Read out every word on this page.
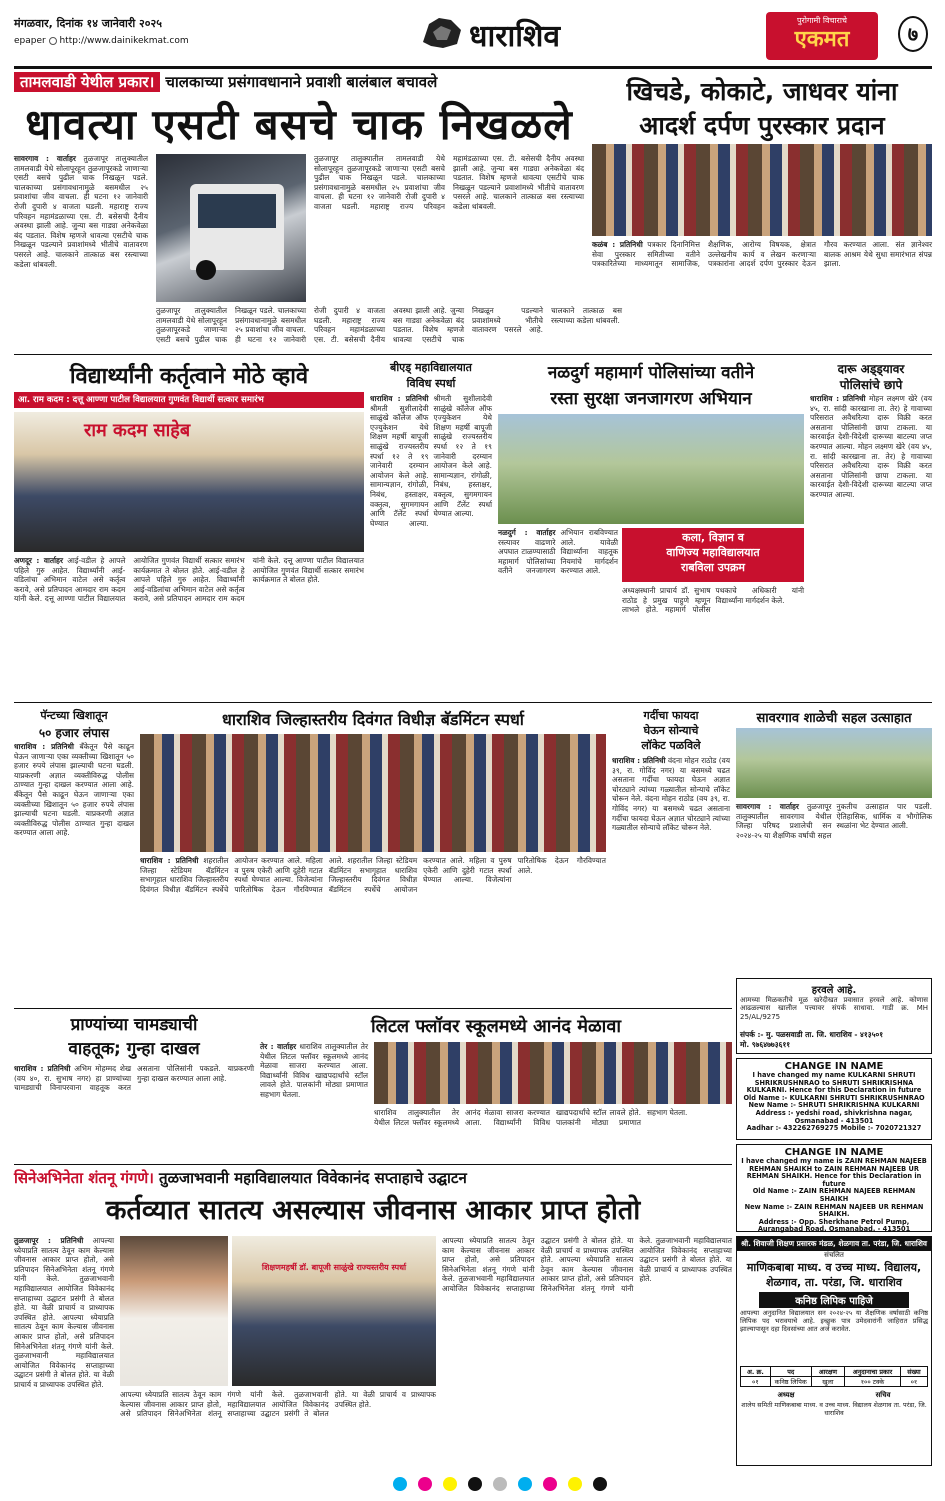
मंगळवार, दिनांक १४ जानेवारी २०२५
epaper http://www.dainikekmat.com	धाराशिव	पुरोगामी विचाराचे
एकमत	७
तामलवाडी येथील प्रकार। चालकाच्या प्रसंगावधानाने प्रवाशी बालंबाल बचावले
धावत्या एसटी बसचे चाक निखळले
सावरगाव : वार्ताहर तुळजापूर तालुक्यातील तामलवाडी येथे सोलापूरहून तुळजापूरकडे जाणाऱ्या एसटी बसचे पुढील चाक निखळून पडले. चालकाच्या प्रसंगावधानामुळे बसमधील २५ प्रवाशांचा जीव वाचला. ही घटना १२ जानेवारी रोजी दुपारी ४ वाजता घडली. महाराष्ट्र राज्य परिवहन महामंडळाच्या एस. टी. बसेसची दैनीय अवस्था झाली आहे. जुन्या बस गाड्या अनेकवेळा बंद पडतात. विशेष म्हणजे धावत्या एसटीचे चाक निखळून पडल्याने प्रवाशांमध्ये भीतीचे वातावरण पसरले आहे. चालकाने तात्काळ बस रस्त्याच्या कडेला थांबवली.
तुळजापूर तालुक्यातील तामलवाडी येथे सोलापूरहून तुळजापूरकडे जाणाऱ्या एसटी बसचे पुढील चाक निखळून पडले. चालकाच्या प्रसंगावधानामुळे बसमधील २५ प्रवाशांचा जीव वाचला. ही घटना १२ जानेवारी रोजी दुपारी ४ वाजता घडली. महाराष्ट्र राज्य परिवहन महामंडळाच्या एस. टी. बसेसची दैनीय अवस्था झाली आहे. जुन्या बस गाड्या अनेकवेळा बंद पडतात. विशेष म्हणजे धावत्या एसटीचे चाक निखळून पडल्याने प्रवाशांमध्ये भीतीचे वातावरण पसरले आहे. चालकाने तात्काळ बस रस्त्याच्या कडेला थांबवली.
तुळजापूर तालुक्यातील तामलवाडी येथे सोलापूरहून तुळजापूरकडे जाणाऱ्या एसटी बसचे पुढील चाक निखळून पडले. चालकाच्या प्रसंगावधानामुळे बसमधील २५ प्रवाशांचा जीव वाचला. ही घटना १२ जानेवारी रोजी दुपारी ४ वाजता घडली. महाराष्ट्र राज्य परिवहन महामंडळाच्या एस. टी. बसेसची दैनीय अवस्था झाली आहे. जुन्या बस गाड्या अनेकवेळा बंद पडतात. विशेष म्हणजे धावत्या एसटीचे चाक निखळून पडल्याने प्रवाशांमध्ये भीतीचे वातावरण पसरले आहे. चालकाने तात्काळ बस रस्त्याच्या कडेला थांबवली.
खिचडे, कोकाटे, जाधवर यांना
आदर्श दर्पण पुरस्कार प्रदान
कळंब : प्रतिनिधी पत्रकार दिनानिमित्त सेवा पुरस्कार समितीच्या वतीने पत्रकारितेच्या माध्यमातून सामाजिक, शैक्षणिक, आरोग्य विषयक, क्षेत्रात उल्लेखनीय कार्य व लेखन करणाऱ्या पत्रकारांना आदर्श दर्पण पुरस्कार देऊन गौरव करण्यात आला. संत ज्ञानेश्वर बालक आश्रम येथे सुधा समारंभात संपन्न झाला.
विद्यार्थ्यांनी कर्तृत्वाने मोठे व्हावे
आ. राम कदम : दत्तू आण्णा पाटील विद्यालयात गुणवंत विद्यार्थी सत्कार समारंभ
राम कदम साहेब
अणदूर : वार्ताहर आई-वडील हे आपले पहिले गुरु आहेत. विद्यार्थ्यांनी आई-वडिलांचा अभिमान वाटेल असे कर्तृत्व करावे, असे प्रतिपादन आमदार राम कदम यांनी केले. दत्तू आण्णा पाटील विद्यालयात आयोजित गुणवंत विद्यार्थी सत्कार समारंभ कार्यक्रमात ते बोलत होते. आई-वडील हे आपले पहिले गुरु आहेत. विद्यार्थ्यांनी आई-वडिलांचा अभिमान वाटेल असे कर्तृत्व करावे, असे प्रतिपादन आमदार राम कदम यांनी केले. दत्तू आण्णा पाटील विद्यालयात आयोजित गुणवंत विद्यार्थी सत्कार समारंभ कार्यक्रमात ते बोलत होते.
बीएड् महाविद्यालयात
विविध स्पर्धा
धाराशिव : प्रतिनिधी श्रीमती सुशीलादेवी साळुंखे कॉलेज ऑफ एज्युकेशन येथे शिक्षण महर्षी बापूजी साळुंखे राज्यस्तरीय स्पर्धा १२ ते १९ जानेवारी दरम्यान आयोजन केले आहे. सामान्यज्ञान, रांगोळी, निबंध, हस्ताक्षर, वक्तृत्व, सुगमगायन आणि टॅलेंट स्पर्धा घेण्यात आल्या. श्रीमती सुशीलादेवी साळुंखे कॉलेज ऑफ एज्युकेशन येथे शिक्षण महर्षी बापूजी साळुंखे राज्यस्तरीय स्पर्धा १२ ते १९ जानेवारी दरम्यान आयोजन केले आहे. सामान्यज्ञान, रांगोळी, निबंध, हस्ताक्षर, वक्तृत्व, सुगमगायन आणि टॅलेंट स्पर्धा घेण्यात आल्या.
नळदुर्ग महामार्ग पोलिसांच्या वतीने
रस्ता सुरक्षा जनजागरण अभियान
नळदुर्ग : वार्ताहर रस्त्यावर वाढणारे अपघात टाळण्यासाठी महामार्ग पोलिसांच्या वतीने जनजागरण अभियान राबविण्यात आले. यावेळी विद्यार्थ्यांना वाहतूक नियमांचे मार्गदर्शन करण्यात आले.
कला, विज्ञान व
वाणिज्य महाविद्यालयात
राबविला उपक्रम
अध्यक्षस्थानी प्राचार्य डॉ. सुभाष राठोड हे प्रमुख पाहुणे म्हणून लाभले होते. महामार्ग पोलीस पथकाचे अधिकारी यांनी विद्यार्थ्यांना मार्गदर्शन केले.
दारू अड्ड्यावर
पोलिसांचे छापे
धाराशिव : प्रतिनिधी मोहन लक्ष्मण खेरे (वय ४५, रा. सांदी कारखाना ता. तेर) हे गावाच्या परिसरात अवैधरित्या दारू विक्री करत असताना पोलिसांनी छापा टाकला. या कारवाईत देशी-विदेशी दारूच्या बाटल्या जप्त करण्यात आल्या. मोहन लक्ष्मण खेरे (वय ४५, रा. सांदी कारखाना ता. तेर) हे गावाच्या परिसरात अवैधरित्या दारू विक्री करत असताना पोलिसांनी छापा टाकला. या कारवाईत देशी-विदेशी दारूच्या बाटल्या जप्त करण्यात आल्या.
पॅन्टच्या खिशातून
५० हजार लंपास
धाराशिव : प्रतिनिधी बँकेतून पैसे काढून घेऊन जाणाऱ्या एका व्यक्तीच्या खिशातून ५० हजार रुपये लंपास झाल्याची घटना घडली. याप्रकरणी अज्ञात व्यक्तीविरुद्ध पोलीस ठाण्यात गुन्हा दाखल करण्यात आला आहे. बँकेतून पैसे काढून घेऊन जाणाऱ्या एका व्यक्तीच्या खिशातून ५० हजार रुपये लंपास झाल्याची घटना घडली. याप्रकरणी अज्ञात व्यक्तीविरुद्ध पोलीस ठाण्यात गुन्हा दाखल करण्यात आला आहे.
धाराशिव जिल्हास्तरीय दिवंगत विधीज्ञ बॅडमिंटन स्पर्धा
धाराशिव : प्रतिनिधी शहरातील जिल्हा स्टेडियम बॅडमिंटन सभागृहात धाराशिव जिल्हास्तरीय दिवंगत विधीज्ञ बॅडमिंटन स्पर्धेचे आयोजन करण्यात आले. महिला व पुरुष एकेरी आणि दुहेरी गटात स्पर्धा घेण्यात आल्या. विजेत्यांना पारितोषिक देऊन गौरविण्यात आले. शहरातील जिल्हा स्टेडियम बॅडमिंटन सभागृहात धाराशिव जिल्हास्तरीय दिवंगत विधीज्ञ बॅडमिंटन स्पर्धेचे आयोजन करण्यात आले. महिला व पुरुष एकेरी आणि दुहेरी गटात स्पर्धा घेण्यात आल्या. विजेत्यांना पारितोषिक देऊन गौरविण्यात आले.
गर्दीचा फायदा
घेऊन सोन्याचे
लॉकेट पळविले
धाराशिव : प्रतिनिधी वंदना मोहन राठोड (वय ३९, रा. गोविंद नगर) या बसमध्ये चढत असताना गर्दीचा फायदा घेऊन अज्ञात चोरट्याने त्यांच्या गळ्यातील सोन्याचे लॉकेट चोरून नेले. वंदना मोहन राठोड (वय ३९, रा. गोविंद नगर) या बसमध्ये चढत असताना गर्दीचा फायदा घेऊन अज्ञात चोरट्याने त्यांच्या गळ्यातील सोन्याचे लॉकेट चोरून नेले.
सावरगाव शाळेची सहल उत्साहात
सावरगाव : वार्ताहर तुळजापूर तालुक्यातील सावरगाव येथील जिल्हा परिषद प्रशालेची सन २०२४-२५ या शैक्षणिक वर्षाची सहल नुकतीच उत्साहात पार पडली. ऐतिहासिक, धार्मिक व भौगोलिक स्थळांना भेट देण्यात आली.
हरवले आहे.
आमच्या मिळकतीचे मूळ खरेदीखत प्रवासात हरवले आहे. कोणास आढळल्यास खालील पत्त्यावर संपर्क साधावा. गाडी क्र. MH 25/AL/9275
संपर्क :- मु. पळसवाडी ता. जि. धाराशिव - ४१३५०१
मो. ९७६४७७३६११
प्राण्यांच्या चामड्याची
वाहतूक; गुन्हा दाखल
धाराशिव : प्रतिनिधी अभिम मोहम्मद शेख (वय ४०, रा. सुभाष नगर) हा प्राण्यांच्या चामड्याची विनापरवाना वाहतूक करत असताना पोलिसांनी पकडले. याप्रकरणी गुन्हा दाखल करण्यात आला आहे.
लिटल फ्लॉवर स्कूलमध्ये आनंद मेळावा
तेर : वार्ताहर धाराशिव तालुक्यातील तेर येथील लिटल फ्लॉवर स्कूलमध्ये आनंद मेळावा साजरा करण्यात आला. विद्यार्थ्यांनी विविध खाद्यपदार्थांचे स्टॉल लावले होते. पालकांनी मोठ्या प्रमाणात सहभाग घेतला.
धाराशिव तालुक्यातील तेर येथील लिटल फ्लॉवर स्कूलमध्ये आनंद मेळावा साजरा करण्यात आला. विद्यार्थ्यांनी विविध खाद्यपदार्थांचे स्टॉल लावले होते. पालकांनी मोठ्या प्रमाणात सहभाग घेतला.
CHANGE IN NAME
I have changed my name KULKARNI SHRUTI SHRIKRUSHNRAO to SHRUTI SHRIKRISHNA KULKARNI. Hence for this Declaration in future
Old Name :- KULKARNI SHRUTI SHRIKRUSHNRAO
New Name :- SHRUTI SHRIKRISHNA KULKARNI
Address :- yedshi road, shivkrishna nagar, Osmanabad - 413501
Aadhar :- 432262769275 Mobile :- 7020721327
CHANGE IN NAME
I have changed my name is ZAIN REHMAN NAJEEB REHMAN SHAIKH to ZAIN REHMAN NAJEEB UR REHMAN SHAIKH. Hence for this Declaration in future
Old Name :- ZAIN REHMAN NAJEEB REHMAN SHAIKH
New Name :- ZAIN REHMAN NAJEEB UR REHMAN SHAIKH.
Address :- Opp. Sherkhane Petrol Pump, Aurangabad Road, Osmanabad. - 413501
सिनेअभिनेता शंतनू गंगणे। तुळजाभवानी महाविद्यालयात विवेकानंद सप्ताहाचे उद्घाटन
कर्तव्यात सातत्य असल्यास जीवनास आकार प्राप्त होतो
तुळजापूर : प्रतिनिधी आपल्या ध्येयाप्रति सातत्य ठेवून काम केल्यास जीवनास आकार प्राप्त होतो, असे प्रतिपादन सिनेअभिनेता शंतनू गंगणे यांनी केले. तुळजाभवानी महाविद्यालयात आयोजित विवेकानंद सप्ताहाच्या उद्घाटन प्रसंगी ते बोलत होते. या वेळी प्राचार्य व प्राध्यापक उपस्थित होते. आपल्या ध्येयाप्रति सातत्य ठेवून काम केल्यास जीवनास आकार प्राप्त होतो, असे प्रतिपादन सिनेअभिनेता शंतनू गंगणे यांनी केले. तुळजाभवानी महाविद्यालयात आयोजित विवेकानंद सप्ताहाच्या उद्घाटन प्रसंगी ते बोलत होते. या वेळी प्राचार्य व प्राध्यापक उपस्थित होते.
शिक्षणमहर्षी डॉ. बापूजी साळुंखे राज्यस्तरीय स्पर्धा
आपल्या ध्येयाप्रति सातत्य ठेवून काम केल्यास जीवनास आकार प्राप्त होतो, असे प्रतिपादन सिनेअभिनेता शंतनू गंगणे यांनी केले. तुळजाभवानी महाविद्यालयात आयोजित विवेकानंद सप्ताहाच्या उद्घाटन प्रसंगी ते बोलत होते. या वेळी प्राचार्य व प्राध्यापक उपस्थित होते.
आपल्या ध्येयाप्रति सातत्य ठेवून काम केल्यास जीवनास आकार प्राप्त होतो, असे प्रतिपादन सिनेअभिनेता शंतनू गंगणे यांनी केले. तुळजाभवानी महाविद्यालयात आयोजित विवेकानंद सप्ताहाच्या उद्घाटन प्रसंगी ते बोलत होते. या वेळी प्राचार्य व प्राध्यापक उपस्थित होते. आपल्या ध्येयाप्रति सातत्य ठेवून काम केल्यास जीवनास आकार प्राप्त होतो, असे प्रतिपादन सिनेअभिनेता शंतनू गंगणे यांनी केले. तुळजाभवानी महाविद्यालयात आयोजित विवेकानंद सप्ताहाच्या उद्घाटन प्रसंगी ते बोलत होते. या वेळी प्राचार्य व प्राध्यापक उपस्थित होते.
श्री. शिवाजी शिक्षण प्रसारक मंडळ, शेळगाव ता. परंडा, जि. धाराशिव
संचलित
माणिकबाबा माध्य. व उच्च माध्य. विद्यालय,
शेळगाव, ता. परंडा, जि. धाराशिव
कनिष्ठ लिपिक पाहिजे
आपल्या अनुदानित विद्यालयात सन २०२४-२५ या शैक्षणिक वर्षासाठी कनिष्ठ लिपिक पद भरावयाचे आहे. इच्छुक पात्र उमेदवारांनी जाहिरात प्रसिद्ध झाल्यापासून दहा दिवसांच्या आत अर्ज करावेत.
अ. क्र.	पद	आरक्षण	अनुदानाचा प्रकार	संख्या
०१	कनिष्ठ लिपिक	खुला	१०० टक्के	०१
अध्यक्ष	सचिव
शालेय समिती माणिकबाबा माध्य. व उच्च माध्य. विद्यालय शेळगाव ता. परंडा, जि. धाराशिव
